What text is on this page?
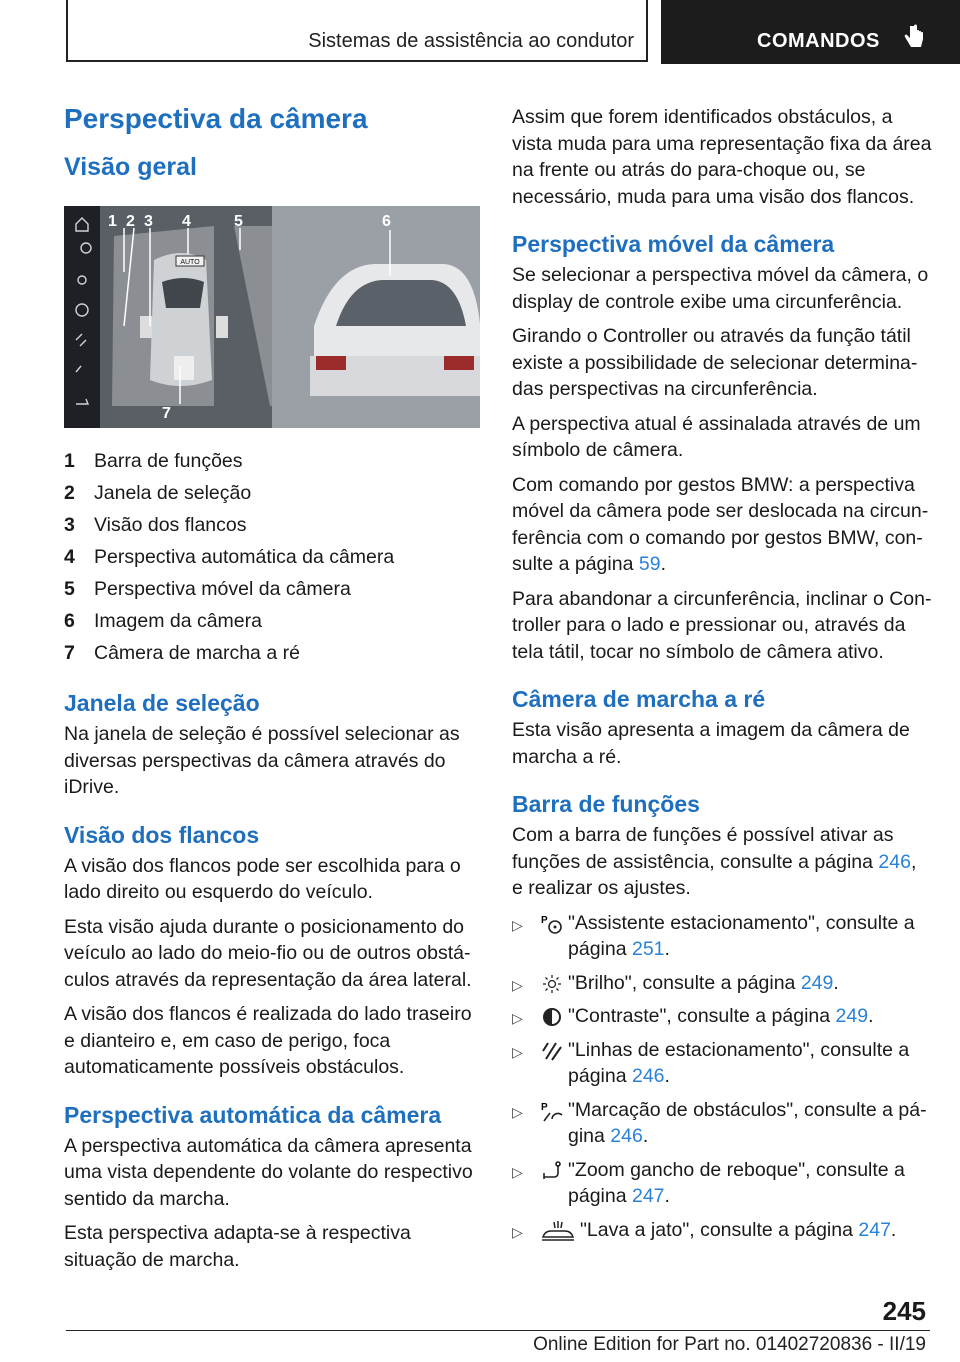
Sistemas de assistência ao condutor	COMANDOS
Perspectiva da câmera
Visão geral
AUTO
1 2 3 4	5	6
7
1 Barra de funções
2 Janela de seleção
3 Visão dos flancos
4 Perspectiva automática da câmera
5 Perspectiva móvel da câmera
6 Imagem da câmera
7 Câmera de marcha a ré
Janela de seleção

Na janela de seleção é possível selecionar as diversas perspectivas da câmera através do iDrive.

Visão dos flancos

A visão dos flancos pode ser escolhida para o lado direito ou esquerdo do veículo.

Esta visão ajuda durante o posicionamento do veículo ao lado do meio-fio ou de outros obstáculos através da representação da área lateral.

A visão dos flancos é realizada do lado traseiro e dianteiro e, em caso de perigo, foca automaticamente possíveis obstáculos.

Perspectiva automática da câmera

A perspectiva automática da câmera apresenta uma vista dependente do volante do respectivo sentido da marcha.

Esta perspectiva adapta-se à respectiva situação de marcha.

Assim que forem identificados obstáculos, a vista muda para uma representação fixa da área na frente ou atrás do para-choque ou, se necessário, muda para uma visão dos flancos.

Perspectiva móvel da câmera

Se selecionar a perspectiva móvel da câmera, o display de controle exibe uma circunferência.

Girando o Controller ou através da função tátil existe a possibilidade de selecionar determinadas perspectivas na circunferência.

A perspectiva atual é assinalada através de um símbolo de câmera.

Com comando por gestos BMW: a perspectiva móvel da câmera pode ser deslocada na circunferência com o comando por gestos BMW, consulte a página 59.

Para abandonar a circunferência, inclinar o Controller para o lado e pressionar ou, através da tela tátil, tocar no símbolo de câmera ativo.

Câmera de marcha a ré

Esta visão apresenta a imagem da câmera de marcha a ré.

Barra de funções

Com a barra de funções é possível ativar as funções de assistência, consulte a página 246, e realizar os ajustes.

▷ P "Assistente estacionamento", consulte a página 251.
▷ "Brilho", consulte a página 249.
▷ "Contraste", consulte a página 249.
▷ "Linhas de estacionamento", consulte a página 246.
▷ P "Marcação de obstáculos", consulte a página 246.
▷ "Zoom gancho de reboque", consulte a página 247.
▷	"Lava a jato", consulte a página 247.
245
Online Edition for Part no. 01402720836 - II/19
